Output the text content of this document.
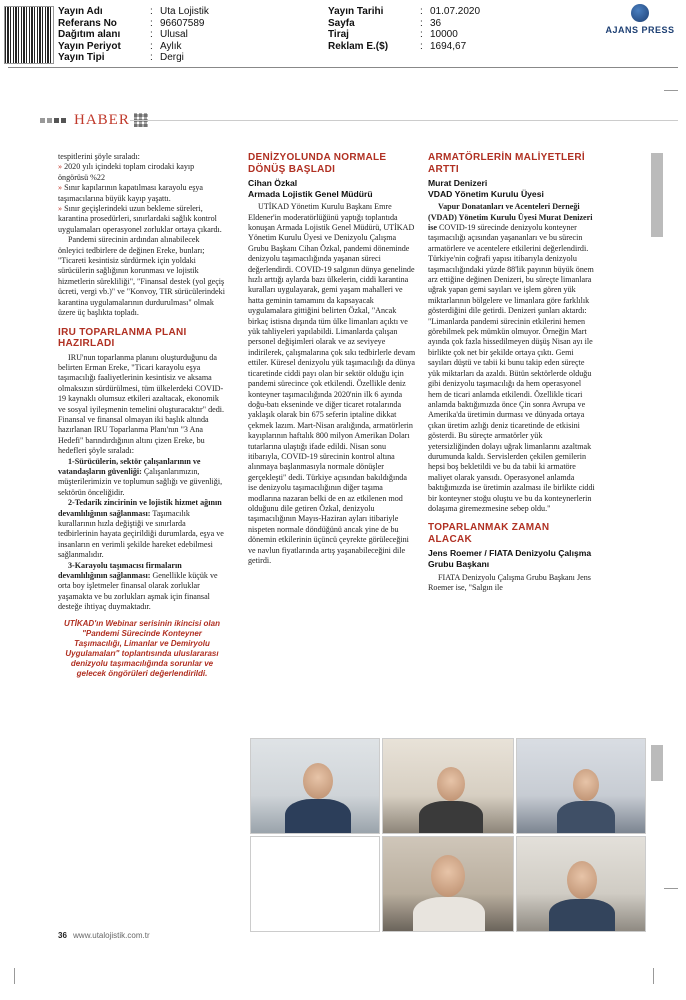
Yayın Adı	: Uta Lojistik
Referans No	: 96607589
Dağıtım alanı	: Ulusal
Yayın Periyot	: Aylık
Yayın Tipi	: Dergi
Yayın Tarihi	: 01.07.2020
Sayfa	: 36
Tiraj	: 10000
Reklam E.($)	: 1694,67
AJANS PRESS
HABER

tespitlerini şöyle sıraladı:

» 2020 yılı içindeki toplam cirodaki kayıp öngörüsü %22

» Sınır kapılarının kapatılması karayolu eşya taşımacılarına büyük kayıp yaşattı.

» Sınır geçişlerindeki uzun bekleme süreleri, karantina prosedürleri, sınırlardaki sağlık kontrol uygulamaları operasyonel zorluklar ortaya çıkardı.

Pandemi sürecinin ardından alınabilecek önleyici tedbirlere de değinen Ereke, bunları; "Ticareti kesintisiz sürdürmek için yoldaki sürücülerin sağlığının korunması ve lojistik hizmetlerin sürekliliği", "Finansal destek (yol geçiş ücreti, vergi vb.)" ve "Konvoy, TIR sürücülerindeki karantina uygulamalarının durdurulması" olmak üzere üç başlıkta topladı.

IRU TOPARLANMA PLANI HAZIRLADI

IRU'nun toparlanma planını oluşturduğunu da belirten Erman Ereke, "Ticari karayolu eşya taşımacılığı faaliyetlerinin kesintisiz ve aksama olmaksızın sürdürülmesi, tüm ülkelerdeki COVID-19 kaynaklı olumsuz etkileri azaltacak, ekonomik ve sosyal iyileşmenin temelini oluşturacaktır" dedi. Finansal ve finansal olmayan iki başlık altında hazırlanan IRU Toparlanma Planı'nın "3 Ana Hedefi" barındırdığının altını çizen Ereke, bu hedefleri şöyle sıraladı:

1-Sürücülerin, sektör çalışanlarının ve vatandaşların güvenliği: Çalışanlarımızın, müşterilerimizin ve toplumun sağlığı ve güvenliği, sektörün önceliğidir.

2-Tedarik zincirinin ve lojistik hizmet ağının devamlılığının sağlanması: Taşımacılık kurallarının hızla değiştiği ve sınırlarda tedbirlerinin hayata geçirildiği durumlarda, eşya ve insanların en verimli şekilde hareket edebilmesi sağlanmalıdır.

3-Karayolu taşımacısı firmaların devamlılığının sağlanması: Genellikle küçük ve orta boy işletmeler finansal olarak zorluklar yaşamakta ve bu zorlukları aşmak için finansal desteğe ihtiyaç duymaktadır.

UTİKAD'ın Webinar serisinin ikincisi olan "Pandemi Sürecinde Konteyner Taşımacılığı, Limanlar ve Demiryolu Uygulamaları" toplantısında uluslararası denizyolu taşımacılığında sorunlar ve gelecek öngörüleri değerlendirildi.
DENİZYOLUNDA NORMALE DÖNÜŞ BAŞLADI
Cihan Özkal
Armada Lojistik Genel Müdürü

UTİKAD Yönetim Kurulu Başkanı Emre Eldener'in moderatörlüğünü yaptığı toplantıda konuşan Armada Lojistik Genel Müdürü, UTİKAD Yönetim Kurulu Üyesi ve Denizyolu Çalışma Grubu Başkanı Cihan Özkal, pandemi döneminde denizyolu taşımacılığında yaşanan süreci değerlendirdi. COVID-19 salgının dünya genelinde hızlı arttığı aylarda bazı ülkelerin, ciddi karantina kuralları uygulayarak, gemi yaşam mahalleri ve hatta geminin tamamını da kapsayacak uygulamalara gittiğini belirten Özkal, "Ancak birkaç istisna dışında tüm ülke limanları açıktı ve yük tahliyeleri yapılabildi. Limanlarda çalışan personel değişimleri olarak ve az seviyeye indirilerek, çalışmalarına çok sıkı tedbirlerle devam ettiler. Küresel denizyolu yük taşımacılığı da dünya ticaretinde ciddi payı olan bir sektör olduğu için pandemi sürecince çok etkilendi. Özellikle deniz konteyner taşımacılığında 2020'nin ilk 6 ayında doğu-batı ekseninde ve diğer ticaret rotalarında yaklaşık olarak bin 675 seferin iptaline dikkat çekmek lazım. Mart-Nisan aralığında, armatörlerin kayıplarının haftalık 800 milyon Amerikan Doları tutarlarına ulaştığı ifade edildi. Nisan sonu itibarıyla, COVID-19 sürecinin kontrol altına alınmaya başlanmasıyla normale dönüşler gerçekleşti" dedi. Türkiye açısından bakıldığında ise denizyolu taşımacılığının diğer taşıma modlarına nazaran belki de en az etkilenen mod olduğunu dile getiren Özkal, denizyolu taşımacılığının Mayıs-Haziran ayları itibariyle nispeten normale döndüğünü ancak yine de bu dönemin etkilerinin üçüncü çeyrekte görüleceğini ve navlun fiyatlarında artış yaşanabileceğini dile getirdi.

ARMATÖRLERİN MALİYETLERİ ARTTI
Murat Denizeri
VDAD Yönetim Kurulu Üyesi

Vapur Donatanları ve Acenteleri Derneği (VDAD) Yönetim Kurulu Üyesi Murat Denizeri ise COVID-19 sürecinde denizyolu konteyner taşımacılığı açısından yaşananları ve bu sürecin armatörlere ve acentelere etkilerini değerlendirdi. Türkiye'nin coğrafi yapısı itibarıyla denizyolu taşımacılığındaki yüzde 88'lik payının büyük önem arz ettiğine değinen Denizeri, bu süreçte limanlara uğrak yapan gemi sayıları ve işlem gören yük miktarlarının bölgelere ve limanlara göre farklılık gösterdiğini dile getirdi. Denizeri şunları aktardı: "Limanlarda pandemi sürecinin etkilerini hemen görebilmek pek mümkün olmuyor. Örneğin Mart ayında çok fazla hissedilmeyen düşüş Nisan ayı ile birlikte çok net bir şekilde ortaya çıktı. Gemi sayıları düştü ve tabii ki bunu takip eden süreçte yük miktarları da azaldı. Bütün sektörlerde olduğu gibi denizyolu taşımacılığı da hem operasyonel hem de ticari anlamda etkilendi. Özellikle ticari anlamda baktığımızda önce Çin sonra Avrupa ve Amerika'da üretimin durması ve dünyada ortaya çıkan üretim azlığı deniz ticaretinde de etkisini gösterdi. Bu süreçte armatörler yük yetersizliğinden dolayı uğrak limanlarını azaltmak durumunda kaldı. Servislerden çekilen gemilerin hepsi boş bekletildi ve bu da tabii ki armatöre maliyet olarak yansıdı. Operasyonel anlamda baktığımızda ise üretimin azalması ile birlikte ciddi bir konteyner stoğu oluştu ve bu da konteynerlerin dolaşıma giremezmesine sebep oldu."

TOPARLANMAK ZAMAN ALACAK
Jens Roemer / FIATA Denizyolu Çalışma Grubu Başkanı

FIATA Denizyolu Çalışma Grubu Başkanı Jens Roemer ise, "Salgın ile

36 www.utalojistik.com.tr
